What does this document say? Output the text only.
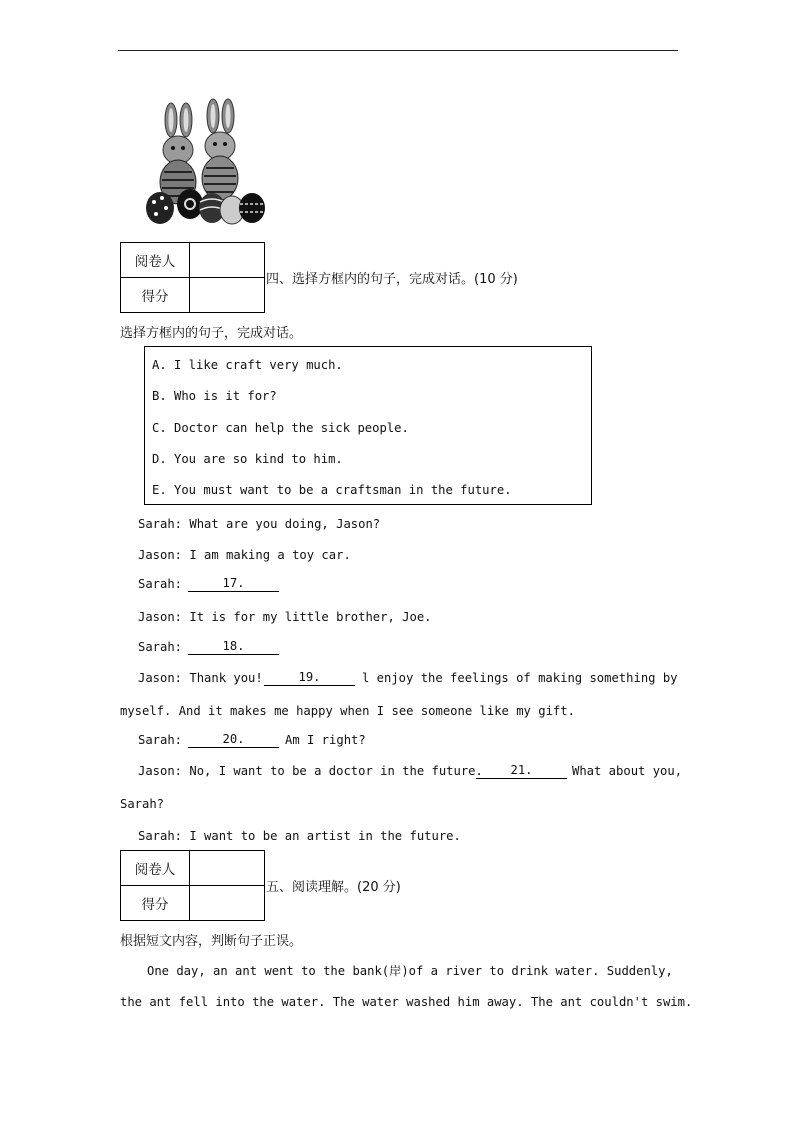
阅卷人	
得分	
四、选择方框内的句子，完成对话。(10 分)
选择方框内的句子，完成对话。
A. I like craft very much.
B. Who is it for?
C. Doctor can help the sick people.
D. You are so kind to him.
E. You must want to be a craftsman in the future.
Sarah: What are you doing, Jason?
Jason: I am making a toy car.
Sarah:	17.
Jason: It is for my little brother, Joe.
Sarah:	18.
Jason: Thank you!	19.	l enjoy the feelings of making something by
myself. And it makes me happy when I see someone like my gift.
Sarah:	20.	Am I right?
Jason: No, I want to be a doctor in the future.	21.	What about you,
Sarah?
Sarah: I want to be an artist in the future.
阅卷人	
得分	
五、阅读理解。(20 分)
根据短文内容，判断句子正误。
One day, an ant went to the bank(岸)of a river to drink water. Suddenly,
the ant fell into the water. The water washed him away. The ant couldn't swim.
